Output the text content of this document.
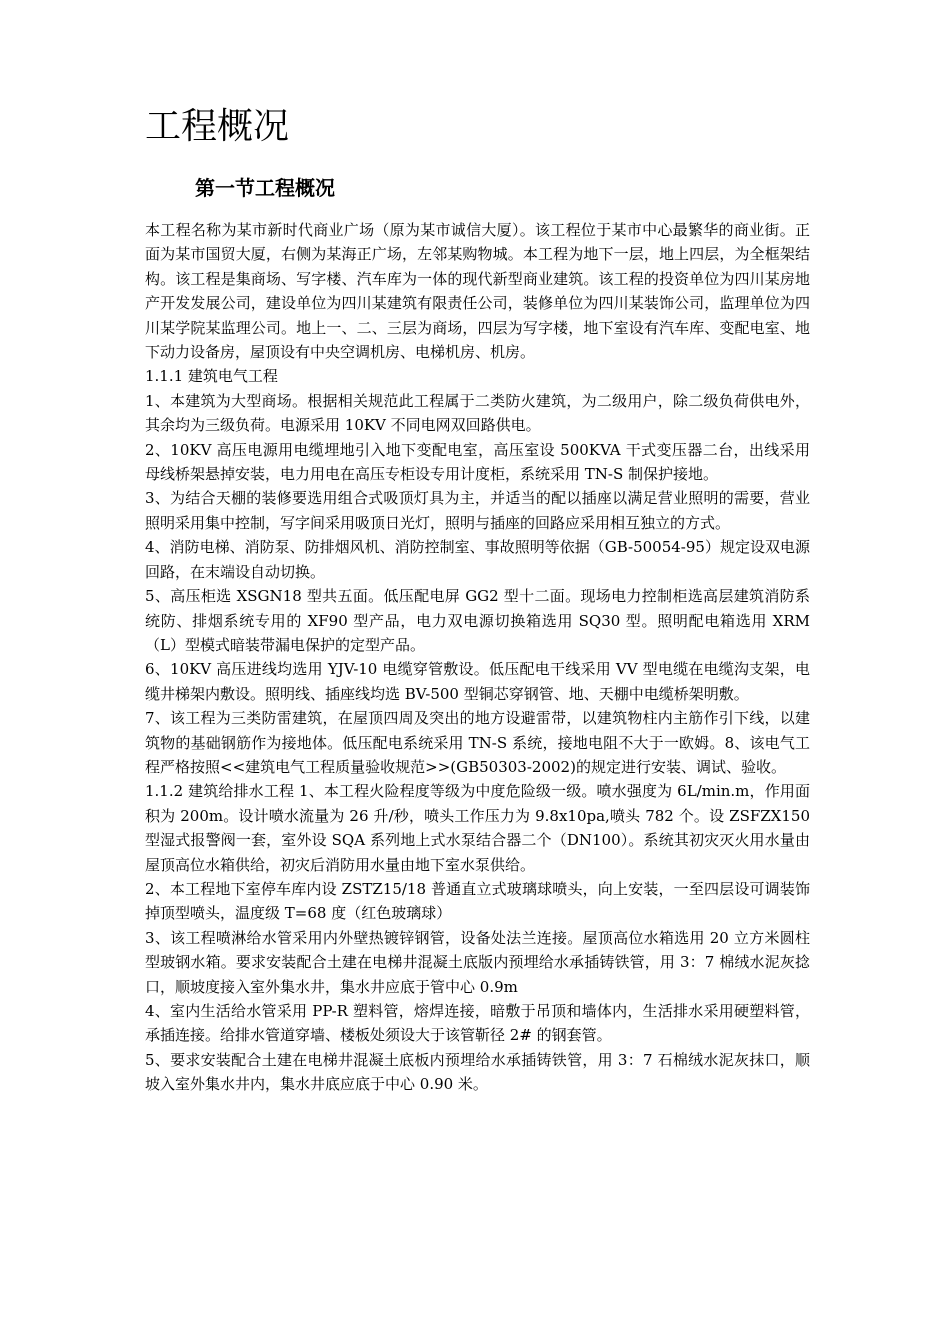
工程概况
第一节工程概况

本工程名称为某市新时代商业广场（原为某市诚信大厦）。该工程位于某市中心最繁华的商业街。正面为某市国贸大厦，右侧为某海正广场，左邻某购物城。本工程为地下一层，地上四层，为全框架结构。该工程是集商场、写字楼、汽车库为一体的现代新型商业建筑。该工程的投资单位为四川某房地产开发发展公司，建设单位为四川某建筑有限责任公司，装修单位为四川某装饰公司，监理单位为四川某学院某监理公司。地上一、二、三层为商场，四层为写字楼，地下室设有汽车库、变配电室、地下动力设备房，屋顶设有中央空调机房、电梯机房、机房。

1.1.1 建筑电气工程

1、本建筑为大型商场。根据相关规范此工程属于二类防火建筑，为二级用户，除二级负荷供电外，其余均为三级负荷。电源采用 10KV 不同电网双回路供电。

2、10KV 高压电源用电缆埋地引入地下变配电室，高压室设 500KVA 干式变压器二台，出线采用母线桥架悬掉安装，电力用电在高压专柜设专用计度柜，系统采用 TN-S 制保护接地。

3、为结合天棚的装修要选用组合式吸顶灯具为主，并适当的配以插座以满足营业照明的需要，营业照明采用集中控制，写字间采用吸顶日光灯，照明与插座的回路应采用相互独立的方式。

4、消防电梯、消防泵、防排烟风机、消防控制室、事故照明等依据（GB-50054-95）规定设双电源回路，在末端设自动切换。

5、高压柜选 XSGN18 型共五面。低压配电屏 GG2 型十二面。现场电力控制柜选高层建筑消防系统防、排烟系统专用的 XF90 型产品，电力双电源切换箱选用 SQ30 型。照明配电箱选用 XRM（L）型模式暗装带漏电保护的定型产品。

6、10KV 高压进线均选用 YJV-10 电缆穿管敷设。低压配电干线采用 VV 型电缆在电缆沟支架，电缆井梯架内敷设。照明线、插座线均选 BV-500 型铜芯穿钢管、地、天棚中电缆桥架明敷。

7、该工程为三类防雷建筑，在屋顶四周及突出的地方设避雷带，以建筑物柱内主筋作引下线，以建筑物的基础钢筋作为接地体。低压配电系统采用 TN-S 系统，接地电阻不大于一欧姆。8、该电气工程严格按照<<建筑电气工程质量验收规范>>(GB50303-2002)的规定进行安装、调试、验收。

1.1.2 建筑给排水工程 1、本工程火险程度等级为中度危险级一级。喷水强度为 6L/min.m，作用面积为 200m。设计喷水流量为 26 升/秒，喷头工作压力为 9.8x10pa,喷头 782 个。设 ZSFZX150 型湿式报警阀一套，室外设 SQA 系列地上式水泵结合器二个（DN100）。系统其初灾灭火用水量由屋顶高位水箱供给，初灾后消防用水量由地下室水泵供给。

2、本工程地下室停车库内设 ZSTZ15/18 普通直立式玻璃球喷头，向上安装，一至四层设可调装饰掉顶型喷头，温度级 T=68 度（红色玻璃球）

3、该工程喷淋给水管采用内外壁热镀锌钢管，设备处法兰连接。屋顶高位水箱选用 20 立方米圆柱型玻钢水箱。要求安装配合土建在电梯井混凝土底版内预埋给水承插铸铁管，用 3：7 棉绒水泥灰捻口，顺坡度接入室外集水井，集水井应底于管中心 0.9m

4、室内生活给水管采用 PP-R 塑料管，熔焊连接，暗敷于吊顶和墙体内，生活排水采用硬塑料管，承插连接。给排水管道穿墙、楼板处须设大于该管靳径 2# 的钢套管。

5、要求安装配合土建在电梯井混凝土底板内预埋给水承插铸铁管，用 3：7 石棉绒水泥灰抹口，顺坡入室外集水井内，集水井底应底于中心 0.90 米。
